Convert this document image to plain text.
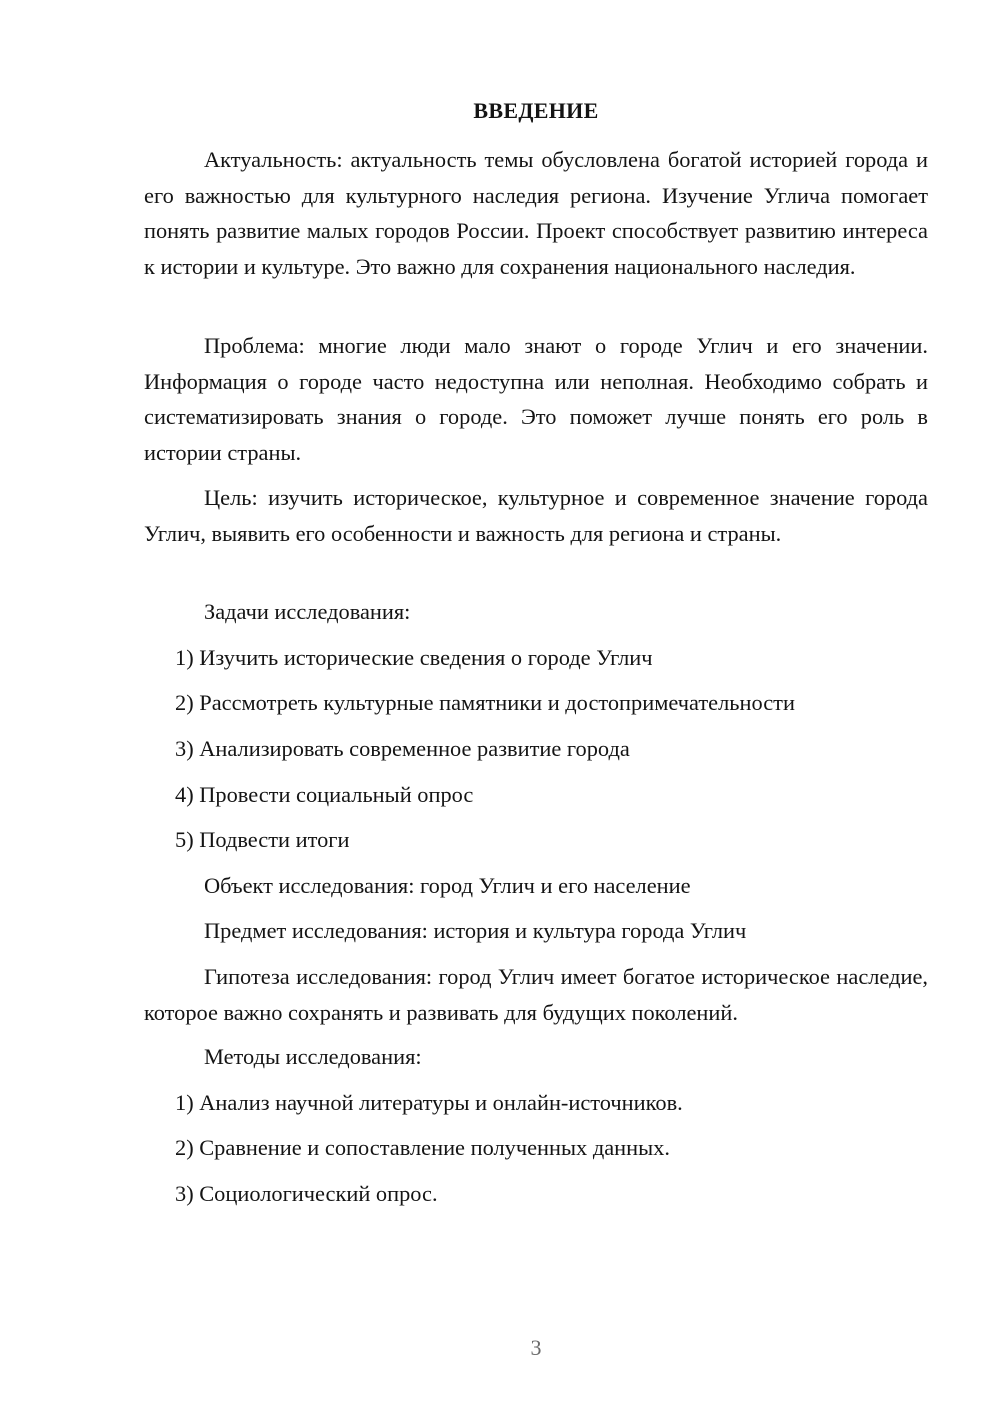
ВВЕДЕНИЕ

Актуальность: актуальность темы обусловлена богатой историей города и его важностью для культурного наследия региона. Изучение Углича помогает понять развитие малых городов России. Проект способствует развитию интереса к истории и культуре. Это важно для сохранения национального наследия.

Проблема: многие люди мало знают о городе Углич и его значении. Информация о городе часто недоступна или неполная. Необходимо собрать и систематизировать знания о городе. Это поможет лучше понять его роль в истории страны.

Цель: изучить историческое, культурное и современное значение города Углич, выявить его особенности и важность для региона и страны.

Задачи исследования:
1) Изучить исторические сведения о городе Углич
2) Рассмотреть культурные памятники и достопримечательности
3) Анализировать современное развитие города
4) Провести социальный опрос
5) Подвести итоги
Объект исследования: город Углич и его население
Предмет исследования: история и культура города Углич

Гипотеза исследования: город Углич имеет богатое историческое наследие, которое важно сохранять и развивать для будущих поколений.

Методы исследования:
1) Анализ научной литературы и онлайн-источников.
2) Сравнение и сопоставление полученных данных.
3) Социологический опрос.
3
